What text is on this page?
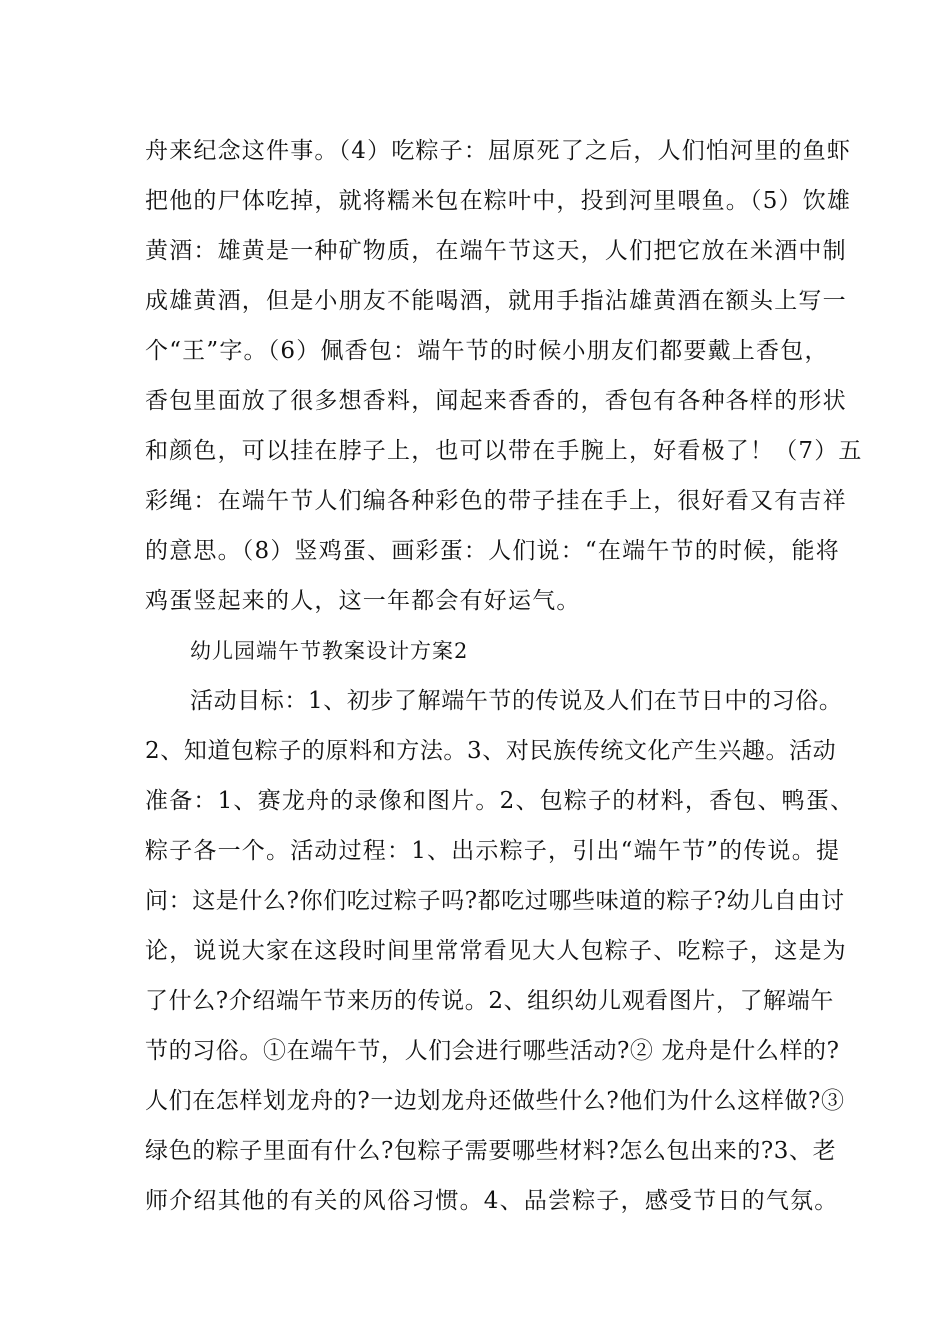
舟来纪念这件事。（4）吃粽子：屈原死了之后，人们怕河里的鱼虾
把他的尸体吃掉，就将糯米包在粽叶中，投到河里喂鱼。（5）饮雄
黄酒：雄黄是一种矿物质，在端午节这天，人们把它放在米酒中制
成雄黄酒，但是小朋友不能喝酒，就用手指沾雄黄酒在额头上写一
个“王”字。（6）佩香包：端午节的时候小朋友们都要戴上香包，
香包里面放了很多想香料，闻起来香香的，香包有各种各样的形状
和颜色，可以挂在脖子上，也可以带在手腕上，好看极了！（7）五
彩绳：在端午节人们编各种彩色的带子挂在手上，很好看又有吉祥
的意思。（8）竖鸡蛋、画彩蛋：人们说：“在端午节的时候，能将
鸡蛋竖起来的人，这一年都会有好运气。
幼儿园端午节教案设计方案2
活动目标：1、初步了解端午节的传说及人们在节日中的习俗。
2、知道包粽子的原料和方法。3、对民族传统文化产生兴趣。活动
准备：1、赛龙舟的录像和图片。2、包粽子的材料，香包、鸭蛋、
粽子各一个。活动过程：1、出示粽子，引出“端午节”的传说。提
问：这是什么?你们吃过粽子吗?都吃过哪些味道的粽子?幼儿自由讨
论，说说大家在这段时间里常常看见大人包粽子、吃粽子，这是为
了什么?介绍端午节来历的传说。2、组织幼儿观看图片，了解端午
节的习俗。①在端午节，人们会进行哪些活动?② 龙舟是什么样的?
人们在怎样划龙舟的?一边划龙舟还做些什么?他们为什么这样做?③
绿色的粽子里面有什么?包粽子需要哪些材料?怎么包出来的?3、老
师介绍其他的有关的风俗习惯。4、品尝粽子，感受节日的气氛。
